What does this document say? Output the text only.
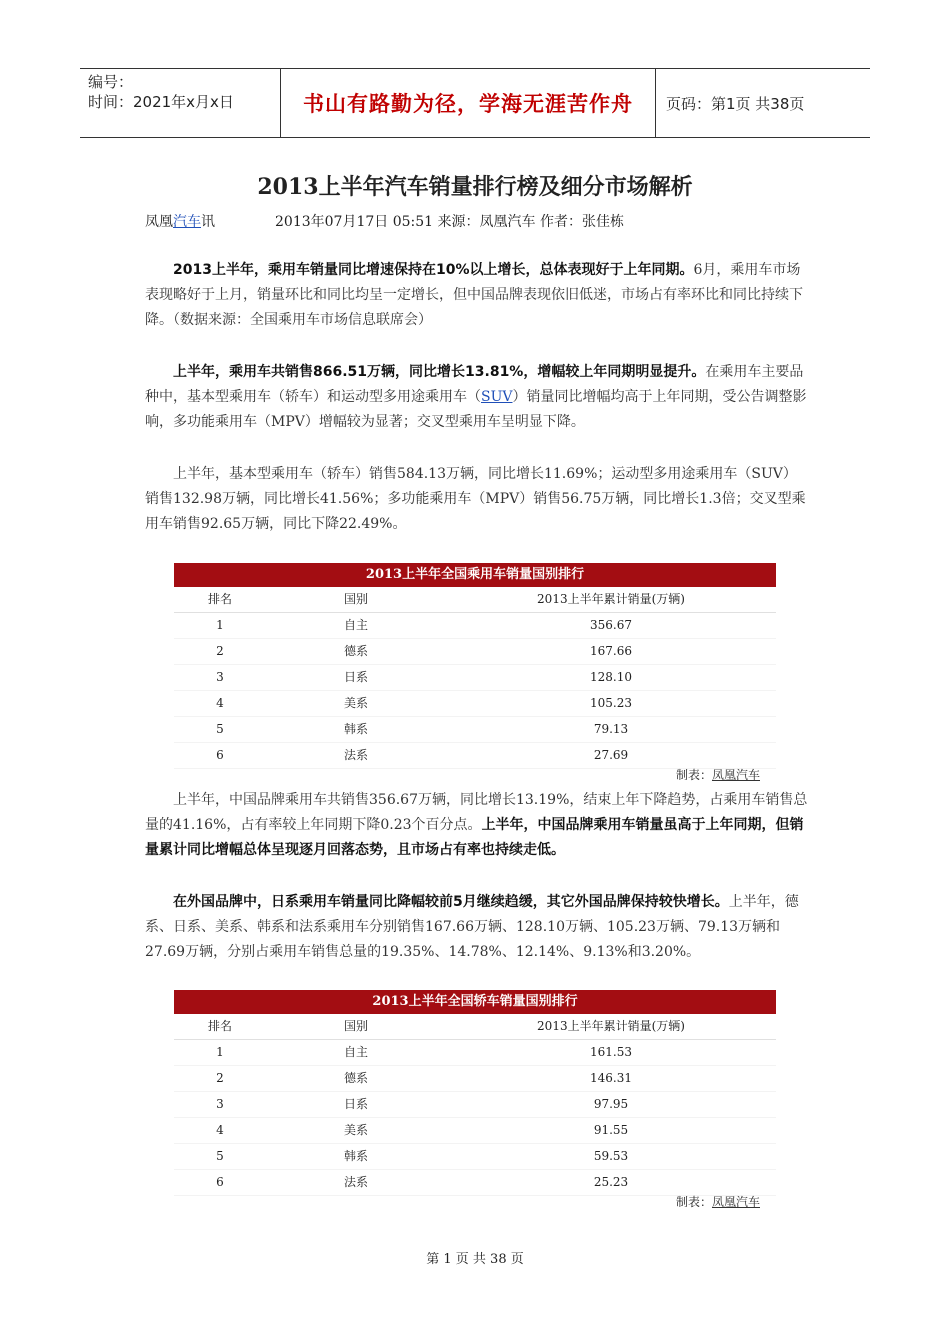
编号：
时间：2021年x月x日	书山有路勤为径，学海无涯苦作舟	页码：第1页 共38页
2013上半年汽车销量排行榜及细分市场解析
凤凰汽车讯	2013年07月17日 05:51 来源：凤凰汽车 作者：张佳栋
2013上半年，乘用车销量同比增速保持在10%以上增长，总体表现好于上年同期。6月，乘用车市场表现略好于上月，销量环比和同比均呈一定增长，但中国品牌表现依旧低迷，市场占有率环比和同比持续下降。（数据来源：全国乘用车市场信息联席会）
上半年，乘用车共销售866.51万辆，同比增长13.81%，增幅较上年同期明显提升。在乘用车主要品种中，基本型乘用车（轿车）和运动型多用途乘用车（SUV）销量同比增幅均高于上年同期，受公告调整影响，多功能乘用车（MPV）增幅较为显著；交叉型乘用车呈明显下降。
上半年，基本型乘用车（轿车）销售584.13万辆，同比增长11.69%；运动型多用途乘用车（SUV）销售132.98万辆，同比增长41.56%；多功能乘用车（MPV）销售56.75万辆，同比增长1.3倍；交叉型乘用车销售92.65万辆，同比下降22.49%。
2013上半年全国乘用车销量国别排行
排名	国别	2013上半年累计销量(万辆)
1	自主	356.67
2	德系	167.66
3	日系	128.10
4	美系	105.23
5	韩系	79.13
6	法系	27.69
制表：凤凰汽车
上半年，中国品牌乘用车共销售356.67万辆，同比增长13.19%，结束上年下降趋势，占乘用车销售总量的41.16%，占有率较上年同期下降0.23个百分点。上半年，中国品牌乘用车销量虽高于上年同期，但销量累计同比增幅总体呈现逐月回落态势，且市场占有率也持续走低。
在外国品牌中，日系乘用车销量同比降幅较前5月继续趋缓，其它外国品牌保持较快增长。上半年，德系、日系、美系、韩系和法系乘用车分别销售167.66万辆、128.10万辆、105.23万辆、79.13万辆和27.69万辆，分别占乘用车销售总量的19.35%、14.78%、12.14%、9.13%和3.20%。
2013上半年全国轿车销量国别排行
排名	国别	2013上半年累计销量(万辆)
1	自主	161.53
2	德系	146.31
3	日系	97.95
4	美系	91.55
5	韩系	59.53
6	法系	25.23
制表：凤凰汽车
第 1 页 共 38 页
